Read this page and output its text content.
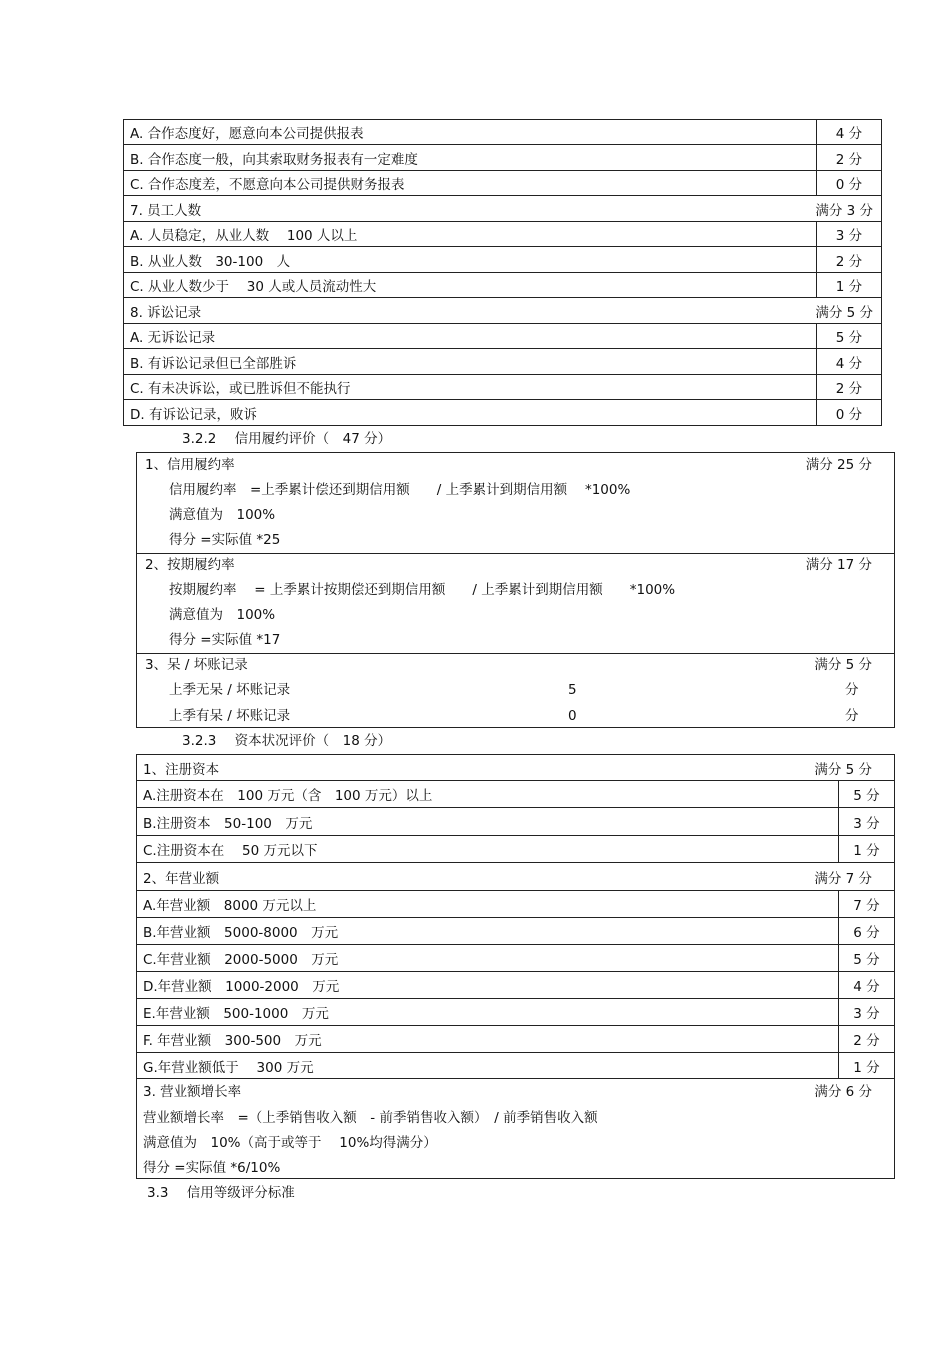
A. 合作态度好，愿意向本公司提供报表	4 分
B. 合作态度一般，向其索取财务报表有一定难度	2 分
C. 合作态度差，不愿意向本公司提供财务报表	0 分
7. 员工人数	满分 3 分
A. 人员稳定，从业人数　 100 人以上	3 分
B. 从业人数　30-100　人	2 分
C. 从业人数少于　 30 人或人员流动性大	1 分
8. 诉讼记录	满分 5 分
A. 无诉讼记录	5 分
B. 有诉讼记录但已全部胜诉	4 分
C. 有未决诉讼，或已胜诉但不能执行	2 分
D. 有诉讼记录，败诉	0 分
3.2.2 信用履约评价（　47 分）
1、信用履约率	满分 25 分
信用履约率　=上季累计偿还到期信用额　　/ 上季累计到期信用额　 *100%
满意值为　100%
得分 =实际值 *25
2、按期履约率	满分 17 分
按期履约率　 = 上季累计按期偿还到期信用额　　/ 上季累计到期信用额　　*100%
满意值为　100%
得分 =实际值 *17
3、呆 / 坏账记录	满分 5 分
上季无呆 / 坏账记录	5	分
上季有呆 / 坏账记录	0	分
3.2.3 资本状况评价（　18 分）
1、注册资本	满分 5 分
A.注册资本在　100 万元（含　100 万元）以上	5 分
B.注册资本　50-100　万元	3 分
C.注册资本在　 50 万元以下	1 分
2、年营业额	满分 7 分
A.年营业额　8000 万元以上	7 分
B.年营业额　5000-8000　万元	6 分
C.年营业额　2000-5000　万元	5 分
D.年营业额　1000-2000　万元	4 分
E.年营业额　500-1000　万元	3 分
F. 年营业额　300-500　万元	2 分
G.年营业额低于　 300 万元	1 分
3. 营业额增长率	满分 6 分
营业额增长率　=（上季销售收入额　- 前季销售收入额）　/ 前季销售收入额
满意值为　10%（高于或等于　 10%均得满分）
得分 =实际值 *6/10%
3.3 信用等级评分标准
